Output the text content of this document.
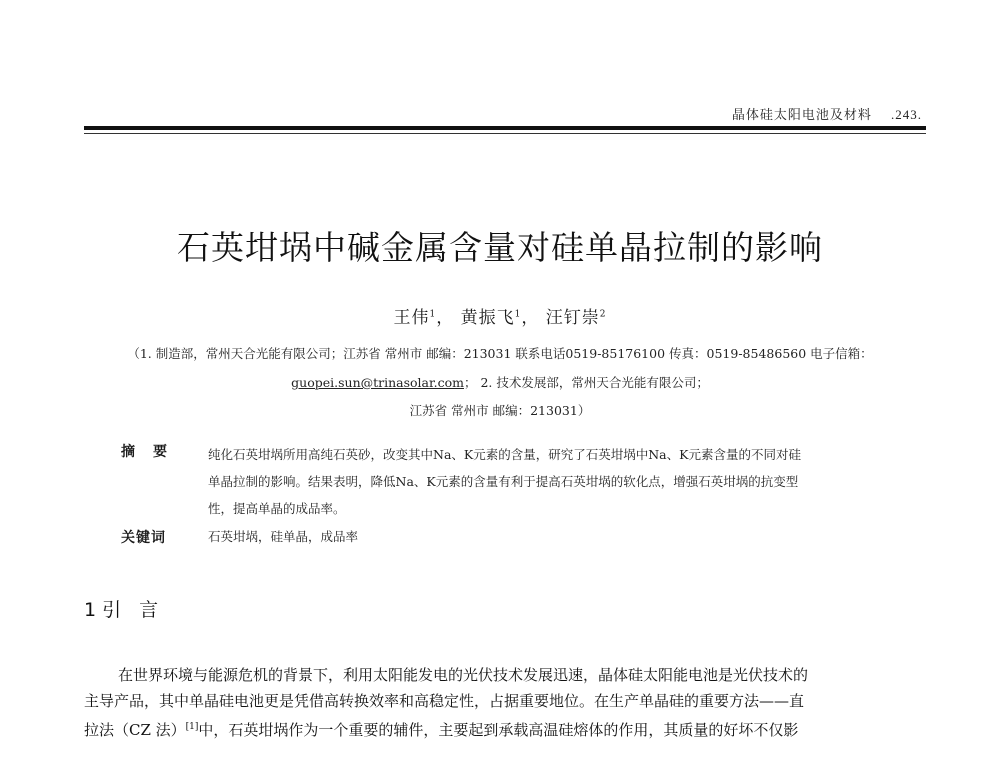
晶体硅太阳电池及材料 .243.
石英坩埚中碱金属含量对硅单晶拉制的影响
王伟$^1$， 黄振飞$^1$， 汪钉崇$^2$
（1. 制造部，常州天合光能有限公司；江苏省 常州市 邮编：213031 联系电话0519-85176100 传真：0519-85486560 电子信箱：
guopei.sun@trinasolar.com； 2. 技术发展部，常州天合光能有限公司；
江苏省 常州市 邮编：213031）
摘要 纯化石英坩埚所用高纯石英砂，改变其中Na、K元素的含量，研究了石英坩埚中Na、K元素含量的不同对硅

单晶拉制的影响。结果表明，降低Na、K元素的含量有利于提高石英坩埚的软化点，增强石英坩埚的抗变型

性，提高单晶的成品率。

关键词	石英坩埚，硅单晶，成品率
1 引言

在世界环境与能源危机的背景下，利用太阳能发电的光伏技术发展迅速，晶体硅太阳能电池是光伏技术的

主导产品，其中单晶硅电池更是凭借高转换效率和高稳定性，占据重要地位。在生产单晶硅的重要方法——直

拉法（CZ 法）[1]中，石英坩埚作为一个重要的辅件，主要起到承载高温硅熔体的作用，其质量的好坏不仅影
